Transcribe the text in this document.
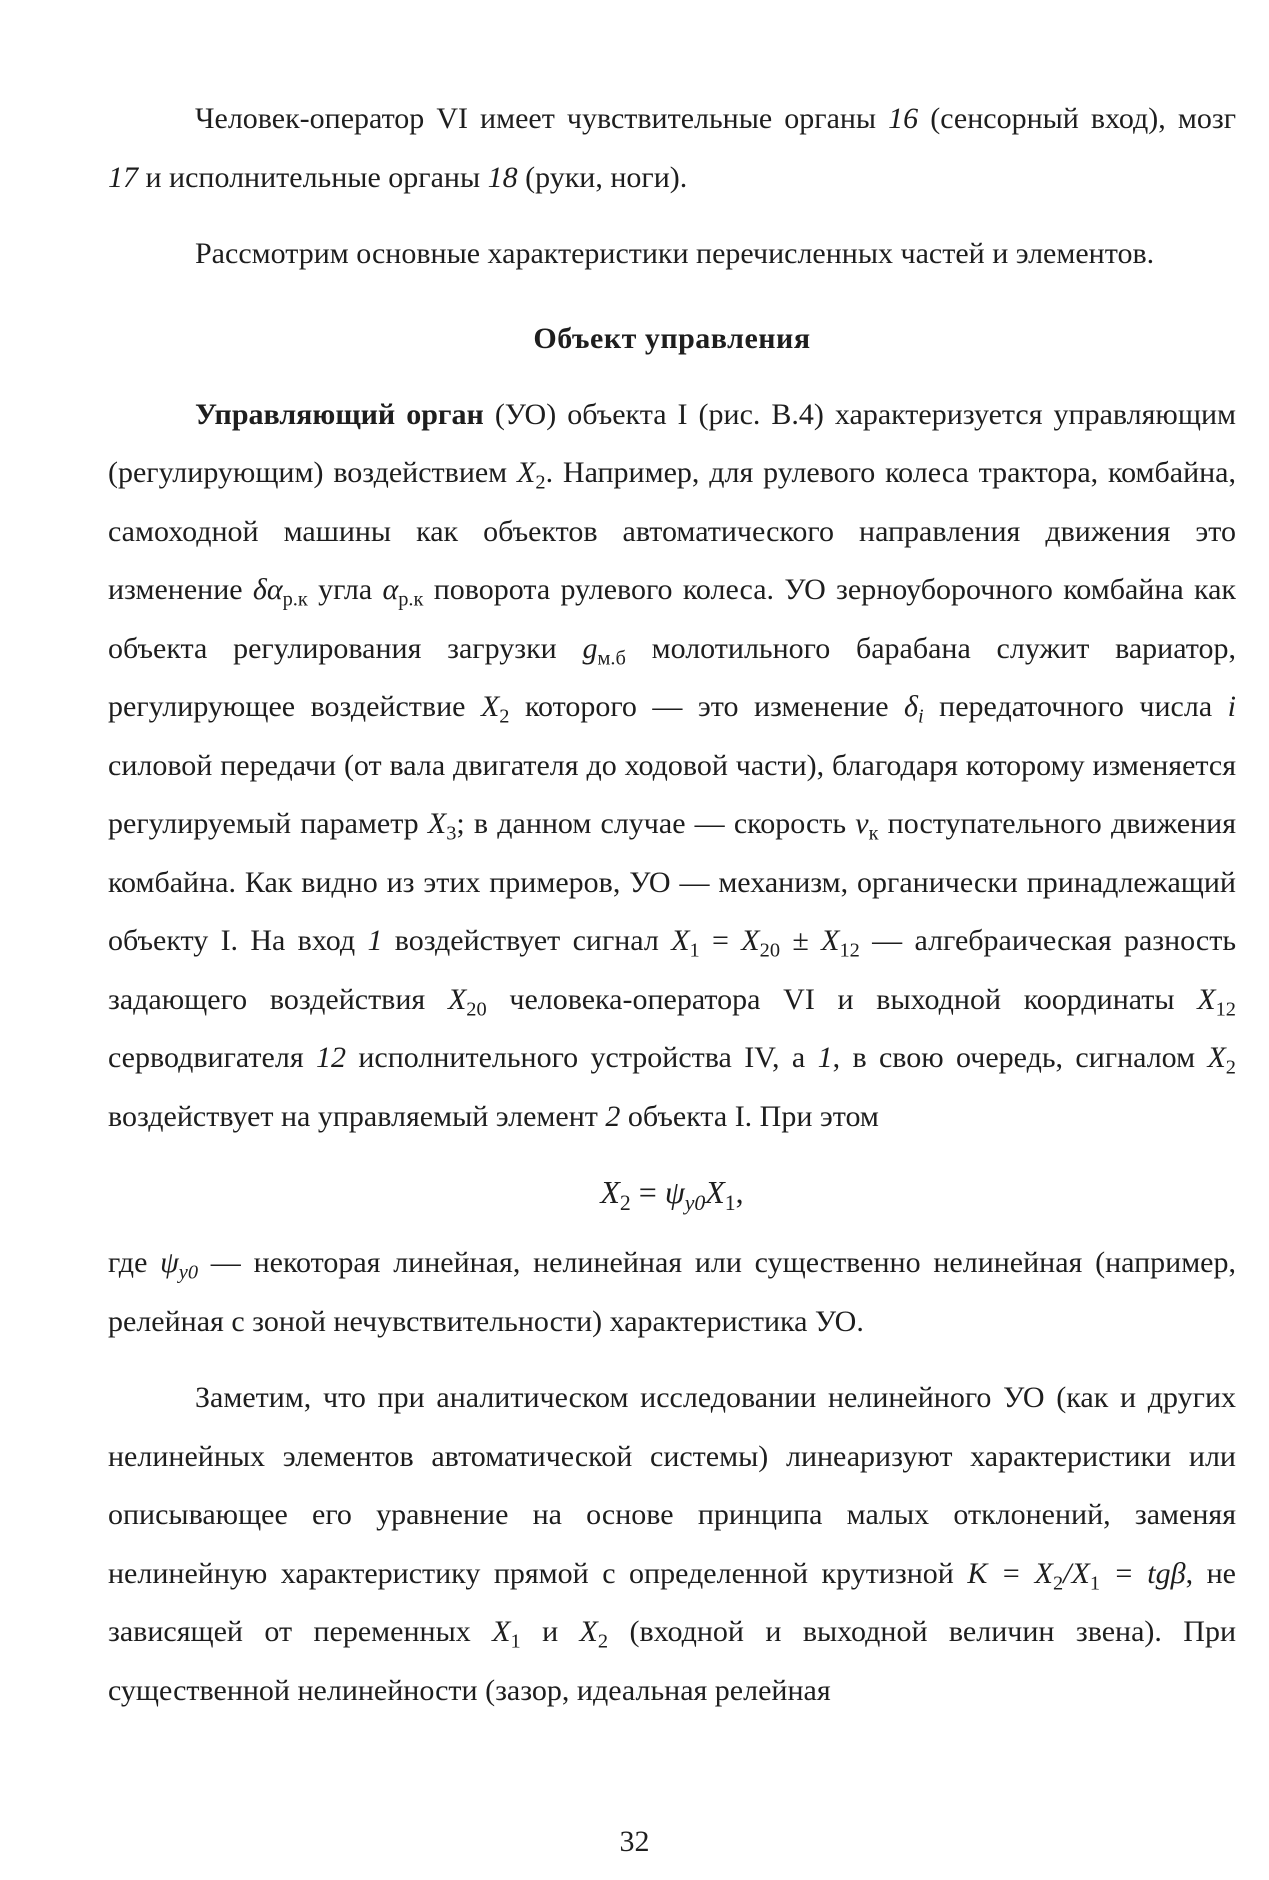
Человек-оператор VI имеет чувствительные органы 16 (сенсорный вход), мозг 17 и исполнительные органы 18 (руки, ноги).

Рассмотрим основные характеристики перечисленных частей и элементов.

Объект управления

Управляющий орган (УО) объекта I (рис. В.4) характеризуется управляющим (регулирующим) воздействием $X_2$. Например, для рулевого колеса трактора, комбайна, самоходной машины как объектов автоматического направления движения это изменение $\delta\alpha_{р.к}$ угла $\alpha_{р.к}$ поворота рулевого колеса. УО зерноуборочного комбайна как объекта регулирования загрузки $g_{м.б}$ молотильного барабана служит вариатор, регулирующее воздействие $X_2$ которого — это изменение $\delta_i$ передаточного числа i силовой передачи (от вала двигателя до ходовой части), благодаря которому изменяется регулируемый параметр $X_3$; в данном случае — скорость $v_к$ поступательного движения комбайна. Как видно из этих примеров, УО — механизм, органически принадлежащий объекту I. На вход 1 воздействует сигнал $X_1 = X_{20} \pm X_{12}$ — алгебраическая разность задающего воздействия $X_{20}$ человека-оператора VI и выходной координаты $X_{12}$ серводвигателя 12 исполнительного устройства IV, а 1, в свою очередь, сигналом $X_2$ воздействует на управляемый элемент 2 объекта I. При этом

$X_2 = \psi_{y0}X_1$,

где $\psi_{y0}$ — некоторая линейная, нелинейная или существенно нелинейная (например, релейная с зоной нечувствительности) характеристика УО.

Заметим, что при аналитическом исследовании нелинейного УО (как и других нелинейных элементов автоматической системы) линеаризуют характеристики или описывающее его уравнение на основе принципа малых отклонений, заменяя нелинейную характеристику прямой с определенной крутизной $K = X_2/X_1 = tg\beta$, не зависящей от переменных $X_1$ и $X_2$ (входной и выходной величин звена). При существенной нелинейности (зазор, идеальная релейная

32
